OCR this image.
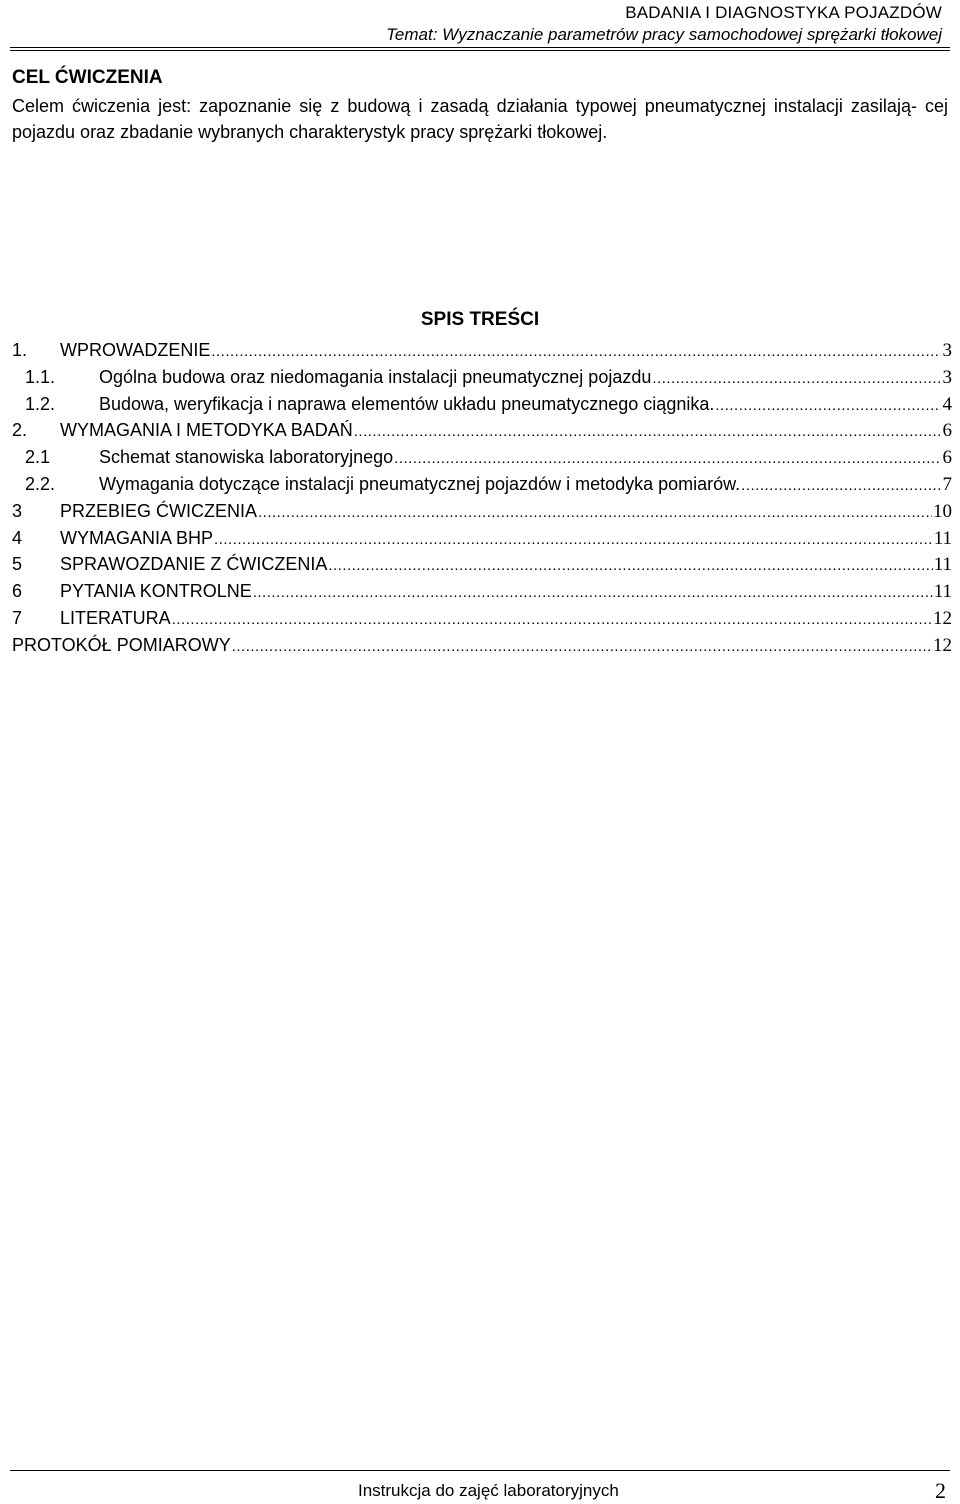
BADANIA I DIAGNOSTYKA POJAZDÓW
Temat: Wyznaczanie parametrów pracy samochodowej sprężarki tłokowej
CEL ĆWICZENIA

Celem ćwiczenia jest: zapoznanie się z budową i zasadą działania typowej pneumatycznej instalacji zasilają- cej pojazdu oraz zbadanie wybranych charakterystyk pracy sprężarki tłokowej.

SPIS TREŚCI
1.	WPROWADZENIE .....	3
1.1.	Ogólna budowa oraz niedomagania instalacji pneumatycznej pojazdu .....	3
1.2.	Budowa, weryfikacja i naprawa elementów układu pneumatycznego ciągnika. .....	4
2.	WYMAGANIA I METODYKA BADAŃ .....	6
2.1	Schemat stanowiska laboratoryjnego .....	6
2.2.	Wymagania dotyczące instalacji pneumatycznej pojazdów i metodyka pomiarów. .....	7
3	PRZEBIEG ĆWICZENIA .....	10
4	WYMAGANIA BHP .....	11
5	SPRAWOZDANIE Z ĆWICZENIA .....	11
6	PYTANIA KONTROLNE .....	11
7	LITERATURA .....	12
PROTOKÓŁ POMIAROWY .....	12
Instrukcja do zajęć laboratoryjnych	2
